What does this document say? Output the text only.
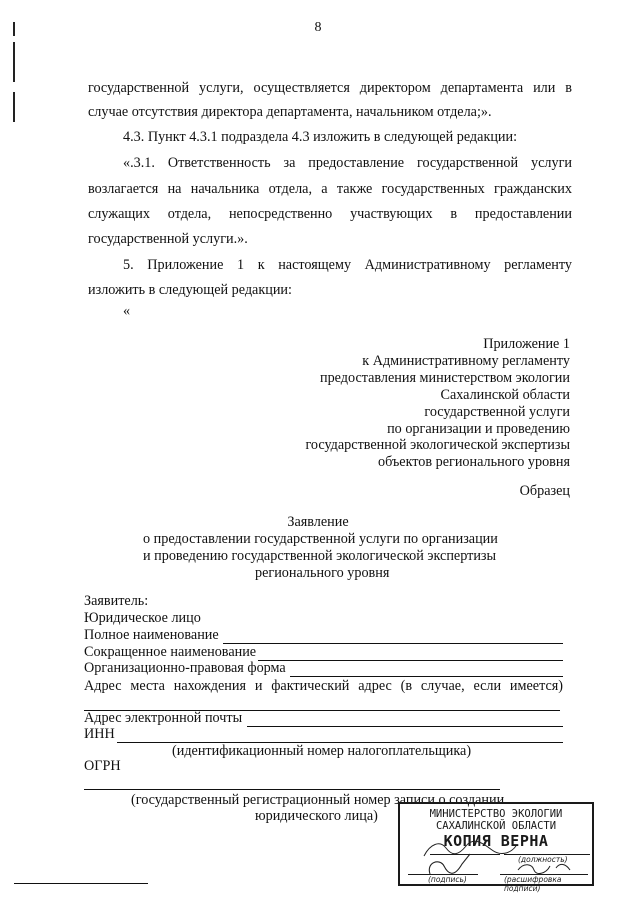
8
государственной услуги, осуществляется директором департамента или в
случае отсутствия директора департамента, начальником отдела;».
4.3. Пункт 4.3.1 подраздела 4.3 изложить в следующей редакции:
«.3.1. Ответственность за предоставление государственной услуги
возлагается на начальника отдела, а также государственных гражданских
служащих отдела, непосредственно участвующих в предоставлении
государственной услуги.».
5. Приложение 1 к настоящему Административному регламенту
изложить в следующей редакции:
«
Приложение 1
к Административному регламенту
предоставления министерством экологии
Сахалинской области
государственной услуги
по организации и проведению
государственной экологической экспертизы
объектов регионального уровня
Образец
Заявление
о предоставлении государственной услуги по организации
и проведению государственной экологической экспертизы
регионального уровня
Заявитель:
Юридическое лицо
Полное наименование
Сокращенное наименование
Организационно-правовая форма
Адрес места нахождения и фактический адрес (в случае, если имеется)
Адрес электронной почты
ИНН
(идентификационный номер налогоплательщика)
ОГРН
(государственный регистрационный номер записи о создании
юридического лица)	МИНИСТЕРСТВО ЭКОЛОГИИ
САХАЛИНСКОЙ ОБЛАСТИ
КОПИЯ ВЕРНА
(должность)
(подпись)	(расшифровка подписи)
